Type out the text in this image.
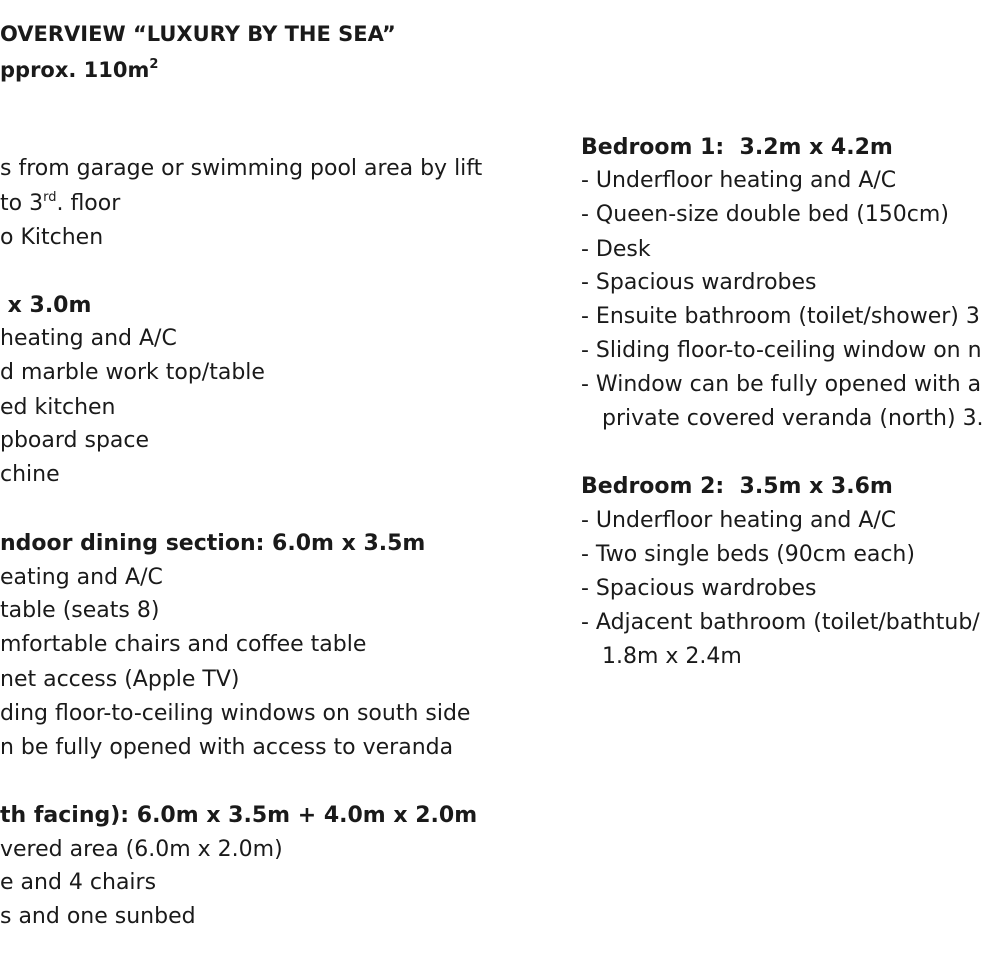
OVERVIEW “LUXURY BY THE SEA”
pprox. $110m^2$
s from garage or swimming pool area by lift
to 3rd. floor
o Kitchen
x 3.0m
heating and A/C
d marble work top/table
ed kitchen
pboard space
chine
ndoor dining section: 6.0m x 3.5m
eating and A/C
table (seats 8)
mfortable chairs and coffee table
net access (Apple TV)
ding floor-to-ceiling windows on south side
n be fully opened with access to veranda
th facing): 6.0m x 3.5m + 4.0m x 2.0m
vered area (6.0m x 2.0m)
e and 4 chairs
s and one sunbed
Bedroom 1:  3.2m x 4.2m
- Underfloor heating and A/C
- Queen-size double bed (150cm)
- Desk
- Spacious wardrobes
- Ensuite bathroom (toilet/shower) 3
- Sliding floor-to-ceiling window on n
- Window can be fully opened with a
private covered veranda (north) 3.
Bedroom 2:  3.5m x 3.6m
- Underfloor heating and A/C
- Two single beds (90cm each)
- Spacious wardrobes
- Adjacent bathroom (toilet/bathtub/
1.8m x 2.4m
